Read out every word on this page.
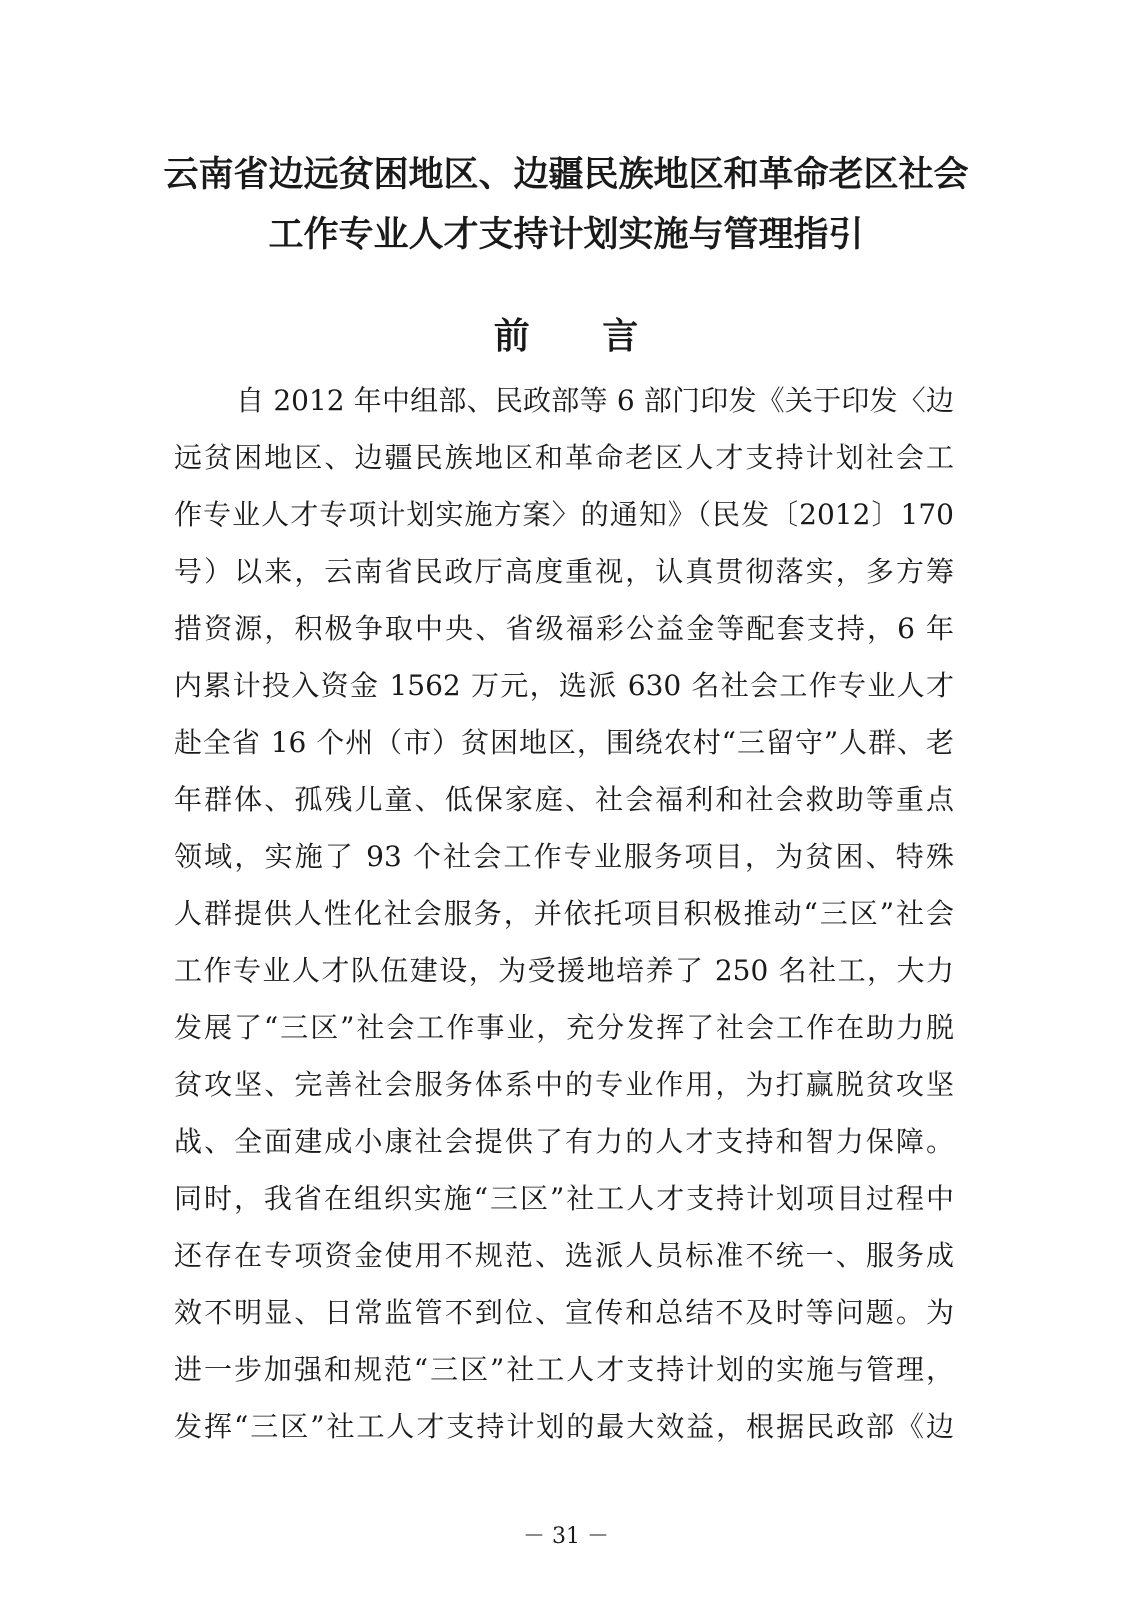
云南省边远贫困地区、边疆民族地区和革命老区社会
工作专业人才支持计划实施与管理指引
前 言
自 2012 年中组部、民政部等 6 部门印发《关于印发〈边
远贫困地区、边疆民族地区和革命老区人才支持计划社会工
作专业人才专项计划实施方案〉的通知》（民发〔2012〕170
号）以来，云南省民政厅高度重视，认真贯彻落实，多方筹
措资源，积极争取中央、省级福彩公益金等配套支持，6 年
内累计投入资金 1562 万元，选派 630 名社会工作专业人才
赴全省 16 个州（市）贫困地区，围绕农村“三留守”人群、老
年群体、孤残儿童、低保家庭、社会福利和社会救助等重点
领域，实施了 93 个社会工作专业服务项目，为贫困、特殊
人群提供人性化社会服务，并依托项目积极推动“三区”社会
工作专业人才队伍建设，为受援地培养了 250 名社工，大力
发展了“三区”社会工作事业，充分发挥了社会工作在助力脱
贫攻坚、完善社会服务体系中的专业作用，为打赢脱贫攻坚
战、全面建成小康社会提供了有力的人才支持和智力保障。
同时，我省在组织实施“三区”社工人才支持计划项目过程中
还存在专项资金使用不规范、选派人员标准不统一、服务成
效不明显、日常监管不到位、宣传和总结不及时等问题。为
进一步加强和规范“三区”社工人才支持计划的实施与管理，
发挥“三区”社工人才支持计划的最大效益，根据民政部《边
－ 31 －
